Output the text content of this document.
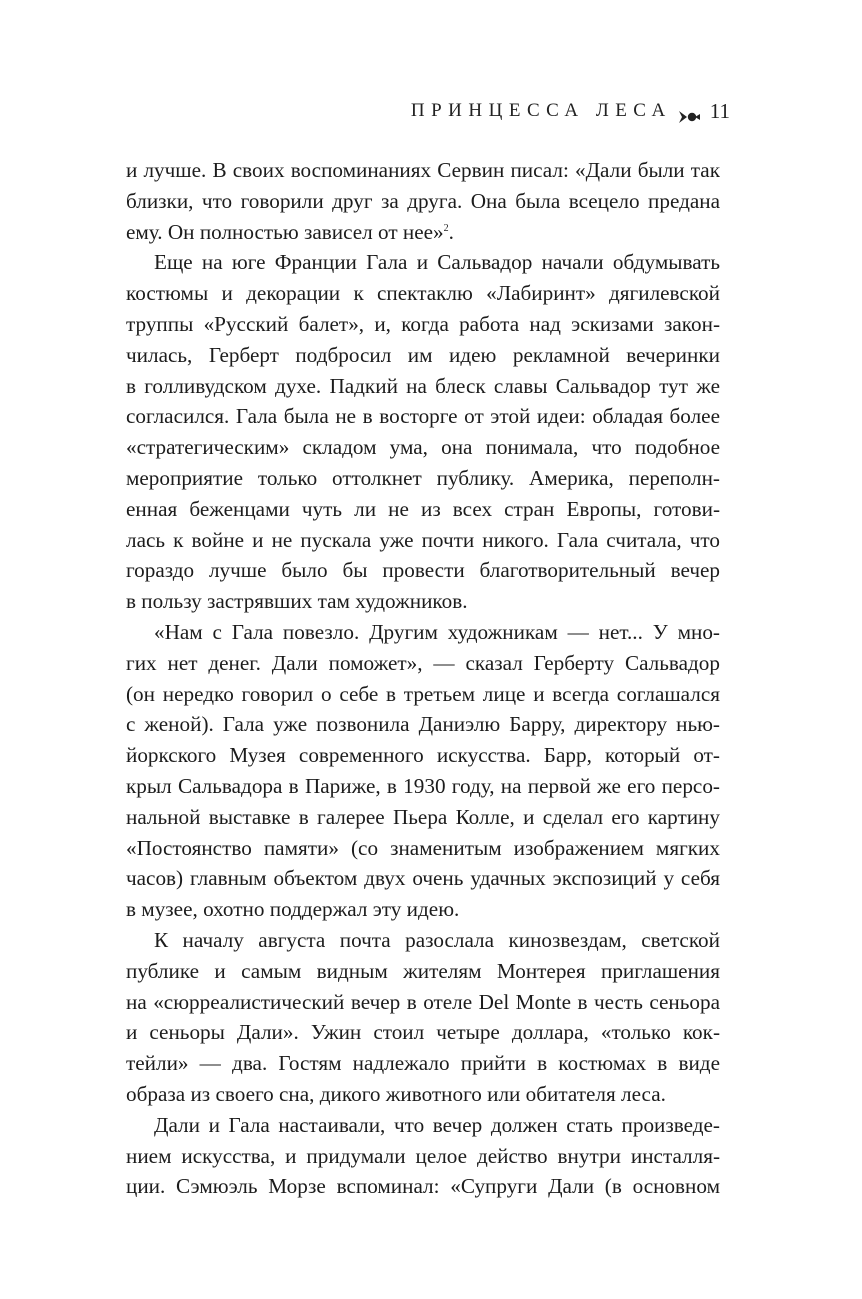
ПРИНЦЕССА ЛЕСА 11
и лучше. В своих воспоминаниях Сервин писал: «Дали были так
близки, что говорили друг за друга. Она была всецело предана
ему. Он полностью зависел от нее»$^2$.
Еще на юге Франции Гала и Сальвадор начали обдумывать
костюмы и декорации к спектаклю «Лабиринт» дягилевской
труппы «Русский балет», и, когда работа над эскизами закон-
чилась, Герберт подбросил им идею рекламной вечеринки
в голливудском духе. Падкий на блеск славы Сальвадор тут же
согласился. Гала была не в восторге от этой идеи: обладая более
«стратегическим» складом ума, она понимала, что подобное
мероприятие только оттолкнет публику. Америка, переполн-
енная беженцами чуть ли не из всех стран Европы, готови-
лась к войне и не пускала уже почти никого. Гала считала, что
гораздо лучше было бы провести благотворительный вечер
в пользу застрявших там художников.
«Нам с Гала повезло. Другим художникам — нет... У мно-
гих нет денег. Дали поможет», — сказал Герберту Сальвадор
(он нередко говорил о себе в третьем лице и всегда соглашался
с женой). Гала уже позвонила Даниэлю Барру, директору нью-
йоркского Музея современного искусства. Барр, который от-
крыл Сальвадора в Париже, в 1930 году, на первой же его персо-
нальной выставке в галерее Пьера Колле, и сделал его картину
«Постоянство памяти» (со знаменитым изображением мягких
часов) главным объектом двух очень удачных экспозиций у себя
в музее, охотно поддержал эту идею.
К началу августа почта разослала кинозвездам, светской
публике и самым видным жителям Монтерея приглашения
на «сюрреалистический вечер в отеле Del Monte в честь сеньора
и сеньоры Дали». Ужин стоил четыре доллара, «только кок-
тейли» — два. Гостям надлежало прийти в костюмах в виде
образа из своего сна, дикого животного или обитателя леса.
Дали и Гала настаивали, что вечер должен стать произведе-
нием искусства, и придумали целое действо внутри инсталля-
ции. Сэмюэль Морзе вспоминал: «Супруги Дали (в основном
